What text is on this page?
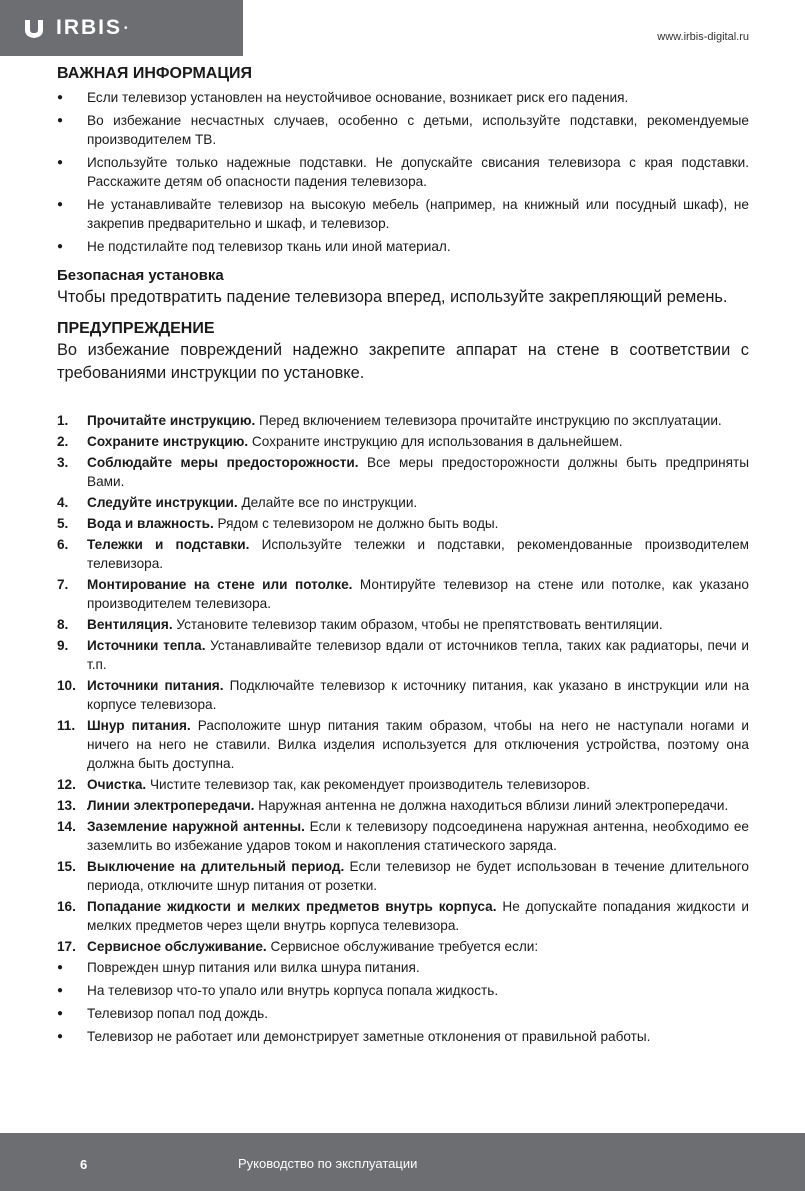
IRBIS •
www.irbis-digital.ru
ВАЖНАЯ ИНФОРМАЦИЯ
● Если телевизор установлен на неустойчивое основание, возникает риск его падения.
● Во избежание несчастных случаев, особенно с детьми, используйте подставки, рекомендуемые производителем ТВ.
● Используйте только надежные подставки. Не допускайте свисания телевизора с края подставки. Расскажите детям об опасности падения телевизора.
● Не устанавливайте телевизор на высокую мебель (например, на книжный или посудный шкаф), не закрепив предварительно и шкаф, и телевизор.
● Не подстилайте под телевизор ткань или иной материал.
Безопасная установка

Чтобы предотвратить падение телевизора вперед, используйте закрепляющий ремень.

ПРЕДУПРЕЖДЕНИЕ

Во избежание повреждений надежно закрепите аппарат на стене в соответствии с требованиями инструкции по установке.

1. Прочитайте инструкцию. Перед включением телевизора прочитайте инструкцию по эксплуатации.
2. Сохраните инструкцию. Сохраните инструкцию для использования в дальнейшем.
3. Соблюдайте меры предосторожности. Все меры предосторожности должны быть предприняты Вами.
4. Следуйте инструкции. Делайте все по инструкции.
5. Вода и влажность. Рядом с телевизором не должно быть воды.
6. Тележки и подставки. Используйте тележки и подставки, рекомендованные производителем телевизора.
7. Монтирование на стене или потолке. Монтируйте телевизор на стене или потолке, как указано производителем телевизора.
8. Вентиляция. Установите телевизор таким образом, чтобы не препятствовать вентиляции.
9. Источники тепла. Устанавливайте телевизор вдали от источников тепла, таких как радиаторы, печи и т.п.
10. Источники питания. Подключайте телевизор к источнику питания, как указано в инструкции или на корпусе телевизора.
11. Шнур питания. Расположите шнур питания таким образом, чтобы на него не наступали ногами и ничего на него не ставили. Вилка изделия используется для отключения устройства, поэтому она должна быть доступна.
12. Очистка. Чистите телевизор так, как рекомендует производитель телевизоров.
13. Линии электропередачи. Наружная антенна не должна находиться вблизи линий электропередачи.
14. Заземление наружной антенны. Если к телевизору подсоединена наружная антенна, необходимо ее заземлить во избежание ударов током и накопления статического заряда.
15. Выключение на длительный период. Если телевизор не будет использован в течение длительного периода, отключите шнур питания от розетки.
16. Попадание жидкости и мелких предметов внутрь корпуса. Не допускайте попадания жидкости и мелких предметов через щели внутрь корпуса телевизора.
17. Сервисное обслуживание. Сервисное обслуживание требуется если:
● Поврежден шнур питания или вилка шнура питания.
● На телевизор что-то упало или внутрь корпуса попала жидкость.
● Телевизор попал под дождь.
● Телевизор не работает или демонстрирует заметные отклонения от правильной работы.
6	Руководство по эксплуатации
